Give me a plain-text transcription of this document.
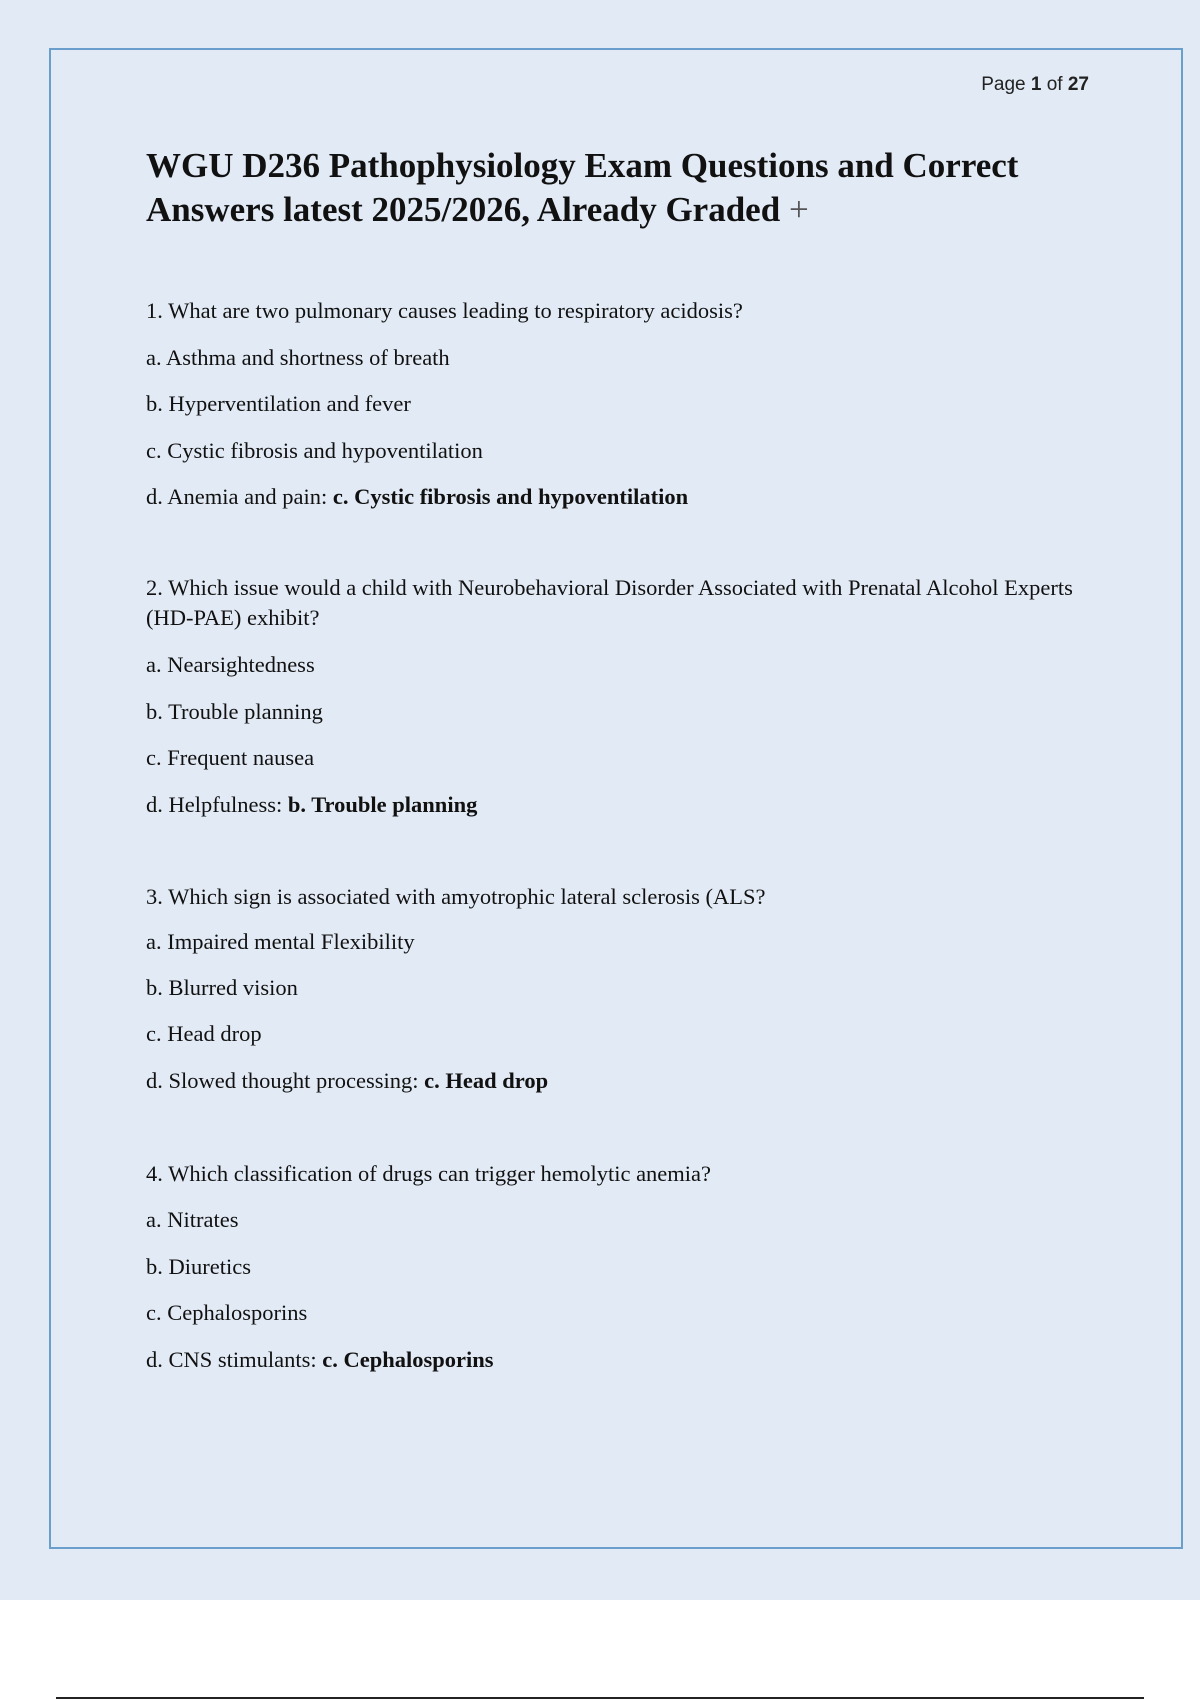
Page 1 of 27
WGU D236 Pathophysiology Exam Questions and Correct Answers latest 2025/2026, Already Graded +
1. What are two pulmonary causes leading to respiratory acidosis?
a. Asthma and shortness of breath
b. Hyperventilation and fever
c. Cystic fibrosis and hypoventilation
d. Anemia and pain: c. Cystic fibrosis and hypoventilation
2. Which issue would a child with Neurobehavioral Disorder Associated with Prenatal Alcohol Experts (HD-PAE) exhibit?
a. Nearsightedness
b. Trouble planning
c. Frequent nausea
d. Helpfulness: b. Trouble planning
3. Which sign is associated with amyotrophic lateral sclerosis (ALS?
a. Impaired mental Flexibility
b. Blurred vision
c. Head drop
d. Slowed thought processing: c. Head drop
4. Which classification of drugs can trigger hemolytic anemia?
a. Nitrates
b. Diuretics
c. Cephalosporins
d. CNS stimulants: c. Cephalosporins
